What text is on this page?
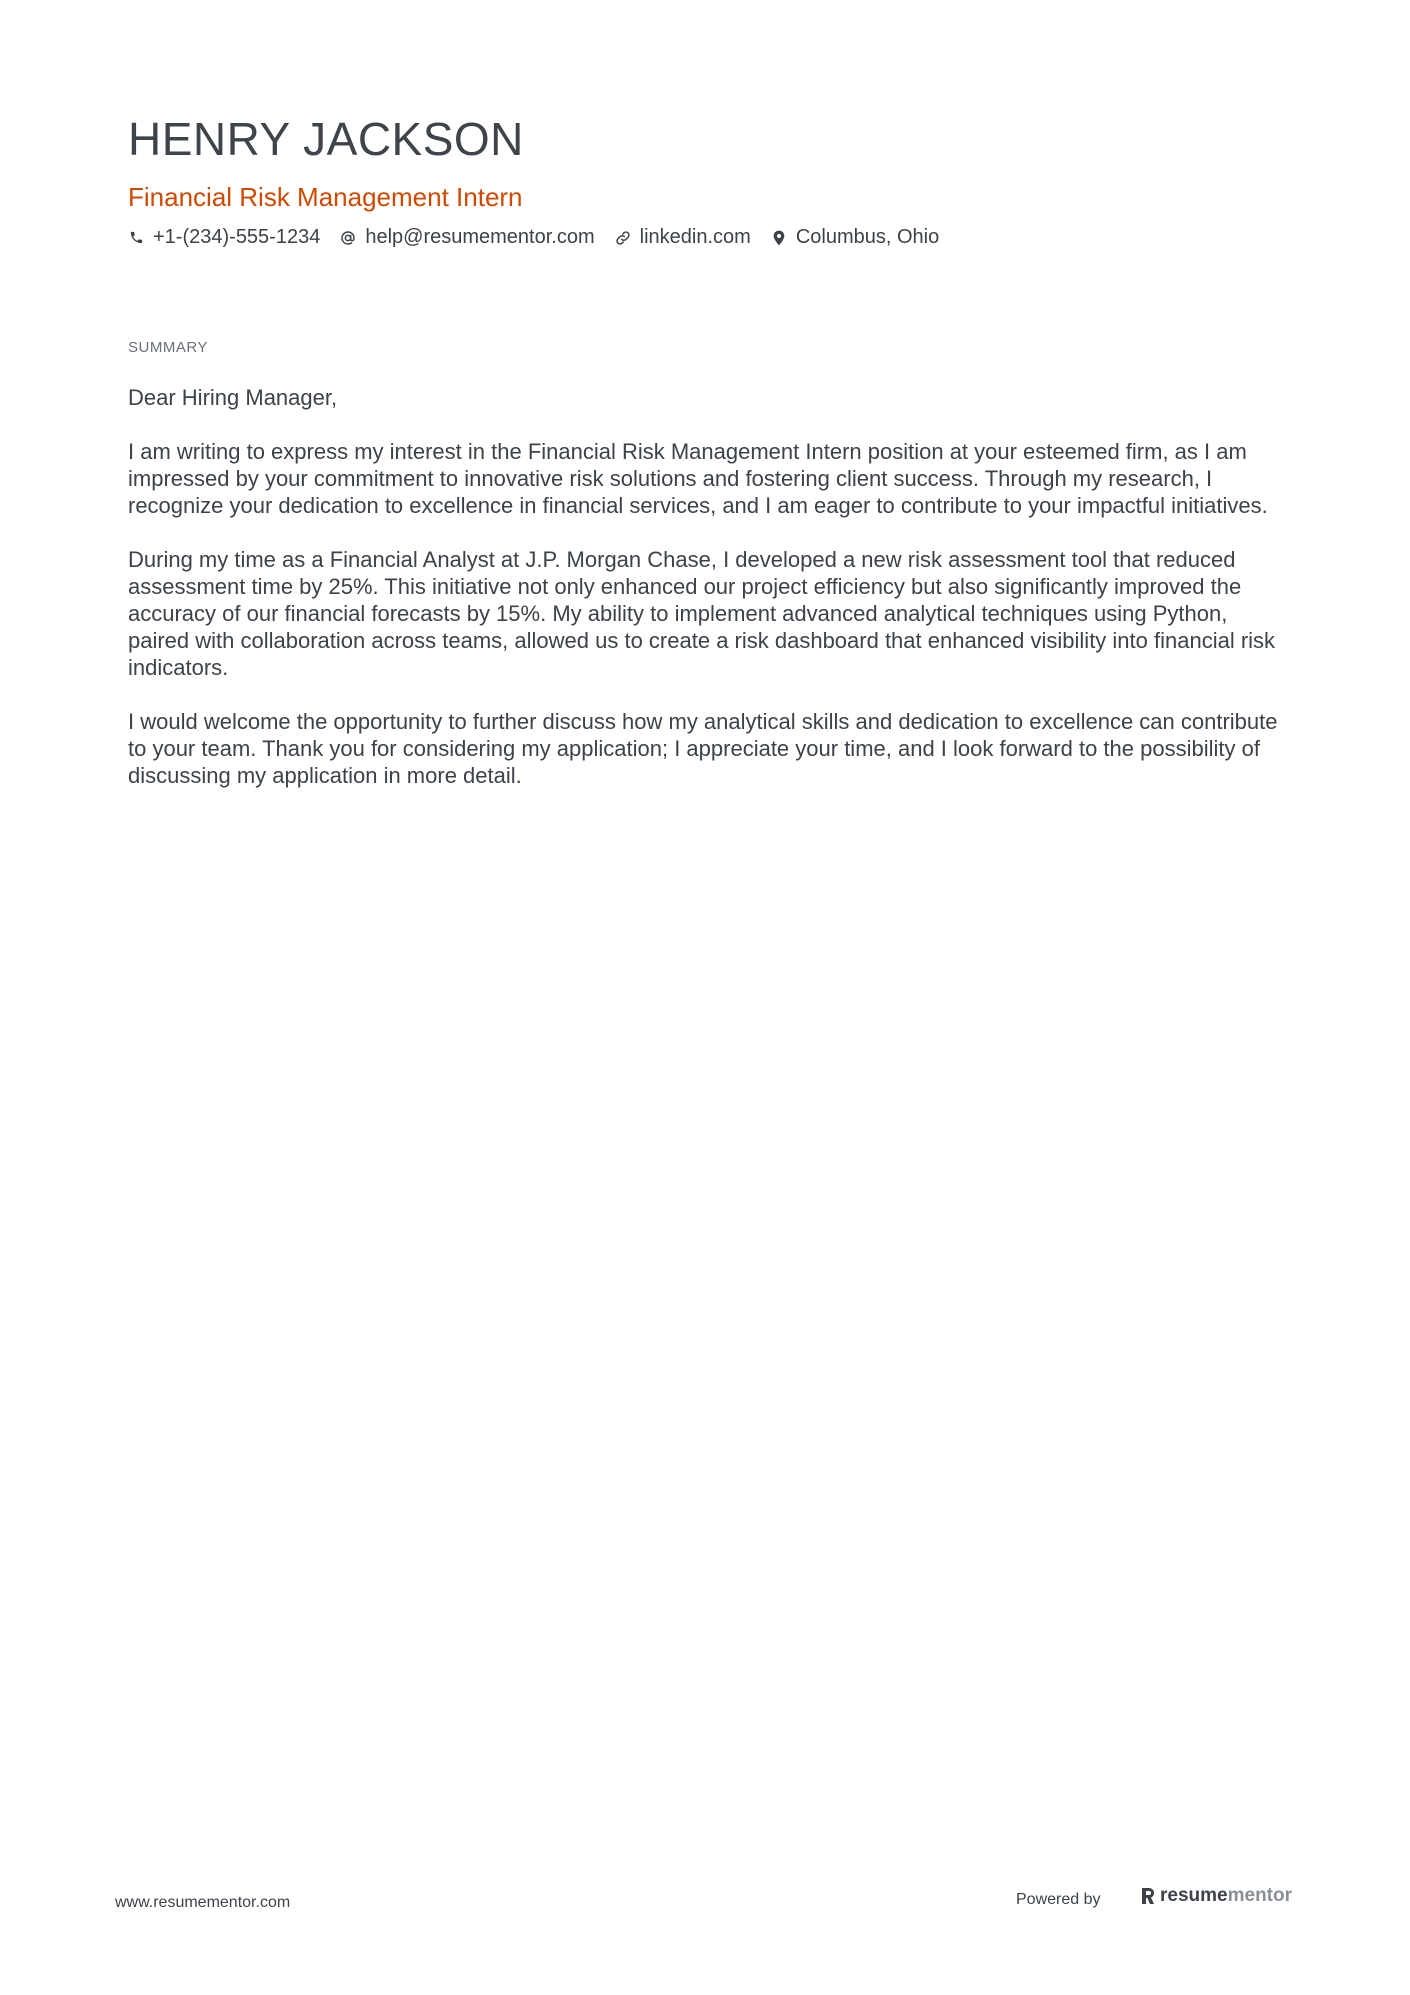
HENRY JACKSON
Financial Risk Management Intern
+1-(234)-555-1234 help@resumementor.com linkedin.com Columbus, Ohio
SUMMARY

Dear Hiring Manager,

I am writing to express my interest in the Financial Risk Management Intern position at your esteemed firm, as I am impressed by your commitment to innovative risk solutions and fostering client success. Through my research, I recognize your dedication to excellence in financial services, and I am eager to contribute to your impactful initiatives.

During my time as a Financial Analyst at J.P. Morgan Chase, I developed a new risk assessment tool that reduced assessment time by 25%. This initiative not only enhanced our project efficiency but also significantly improved the accuracy of our financial forecasts by 15%. My ability to implement advanced analytical techniques using Python, paired with collaboration across teams, allowed us to create a risk dashboard that enhanced visibility into financial risk indicators.

I would welcome the opportunity to further discuss how my analytical skills and dedication to excellence can contribute to your team. Thank you for considering my application; I appreciate your time, and I look forward to the possibility of discussing my application in more detail.

www.resumementor.com	Powered by	resume mentor
